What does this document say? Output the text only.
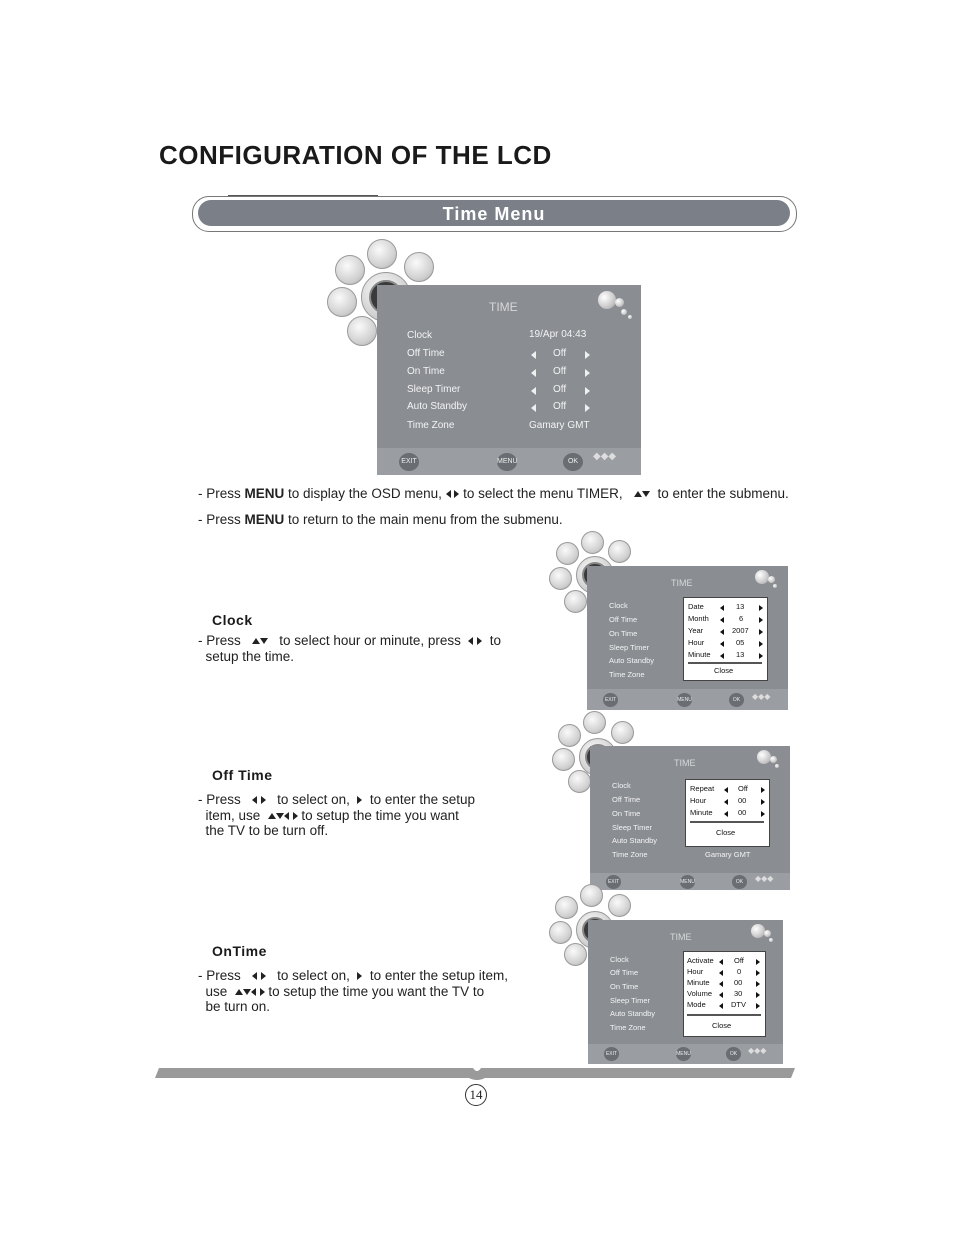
CONFIGURATION OF THE LCD
Time Menu
TIME
Clock	19/Apr 04:43
Off Time	Off
On Time	Off
Sleep Timer	Off
Auto Standby	Off
Time Zone	Gamary GMT
EXIT	MENU	OK	◆◆◆
- Press MENU to display the OSD menu,   to select the menu TIMER,     to enter the submenu.
- Press MENU to return to the main menu from the submenu.
Clock
- Press      to select hour or minute, press     to
setup the time.
TIME
Clock
Off Time
On Time
Sleep Timer
Auto Standby
Time Zone
Date	13
Month	6
Year	2007
Hour	05
Minute	13
Close
EXIT	MENU	OK	◆◆◆
Off Time
- Press       to select on,    to enter the setup
item, use    to setup the time you want
the TV to be turn off.
TIME
Clock
Off Time
On Time
Sleep Timer
Auto Standby
Time Zone	Gamary GMT
Repeat	Off
Hour	00
Minute	00
Close
EXIT	MENU	OK	◆◆◆
OnTime
- Press       to select on,    to enter the setup item,
use    to setup the time you want the TV to
be turn on.
TIME
Clock
Off Time
On Time
Sleep Timer
Auto Standby
Time Zone
Activate	Off
Hour	0
Minute	00
Volume	30
Mode	DTV
Close
EXIT	MENU	OK	◆◆◆
14
